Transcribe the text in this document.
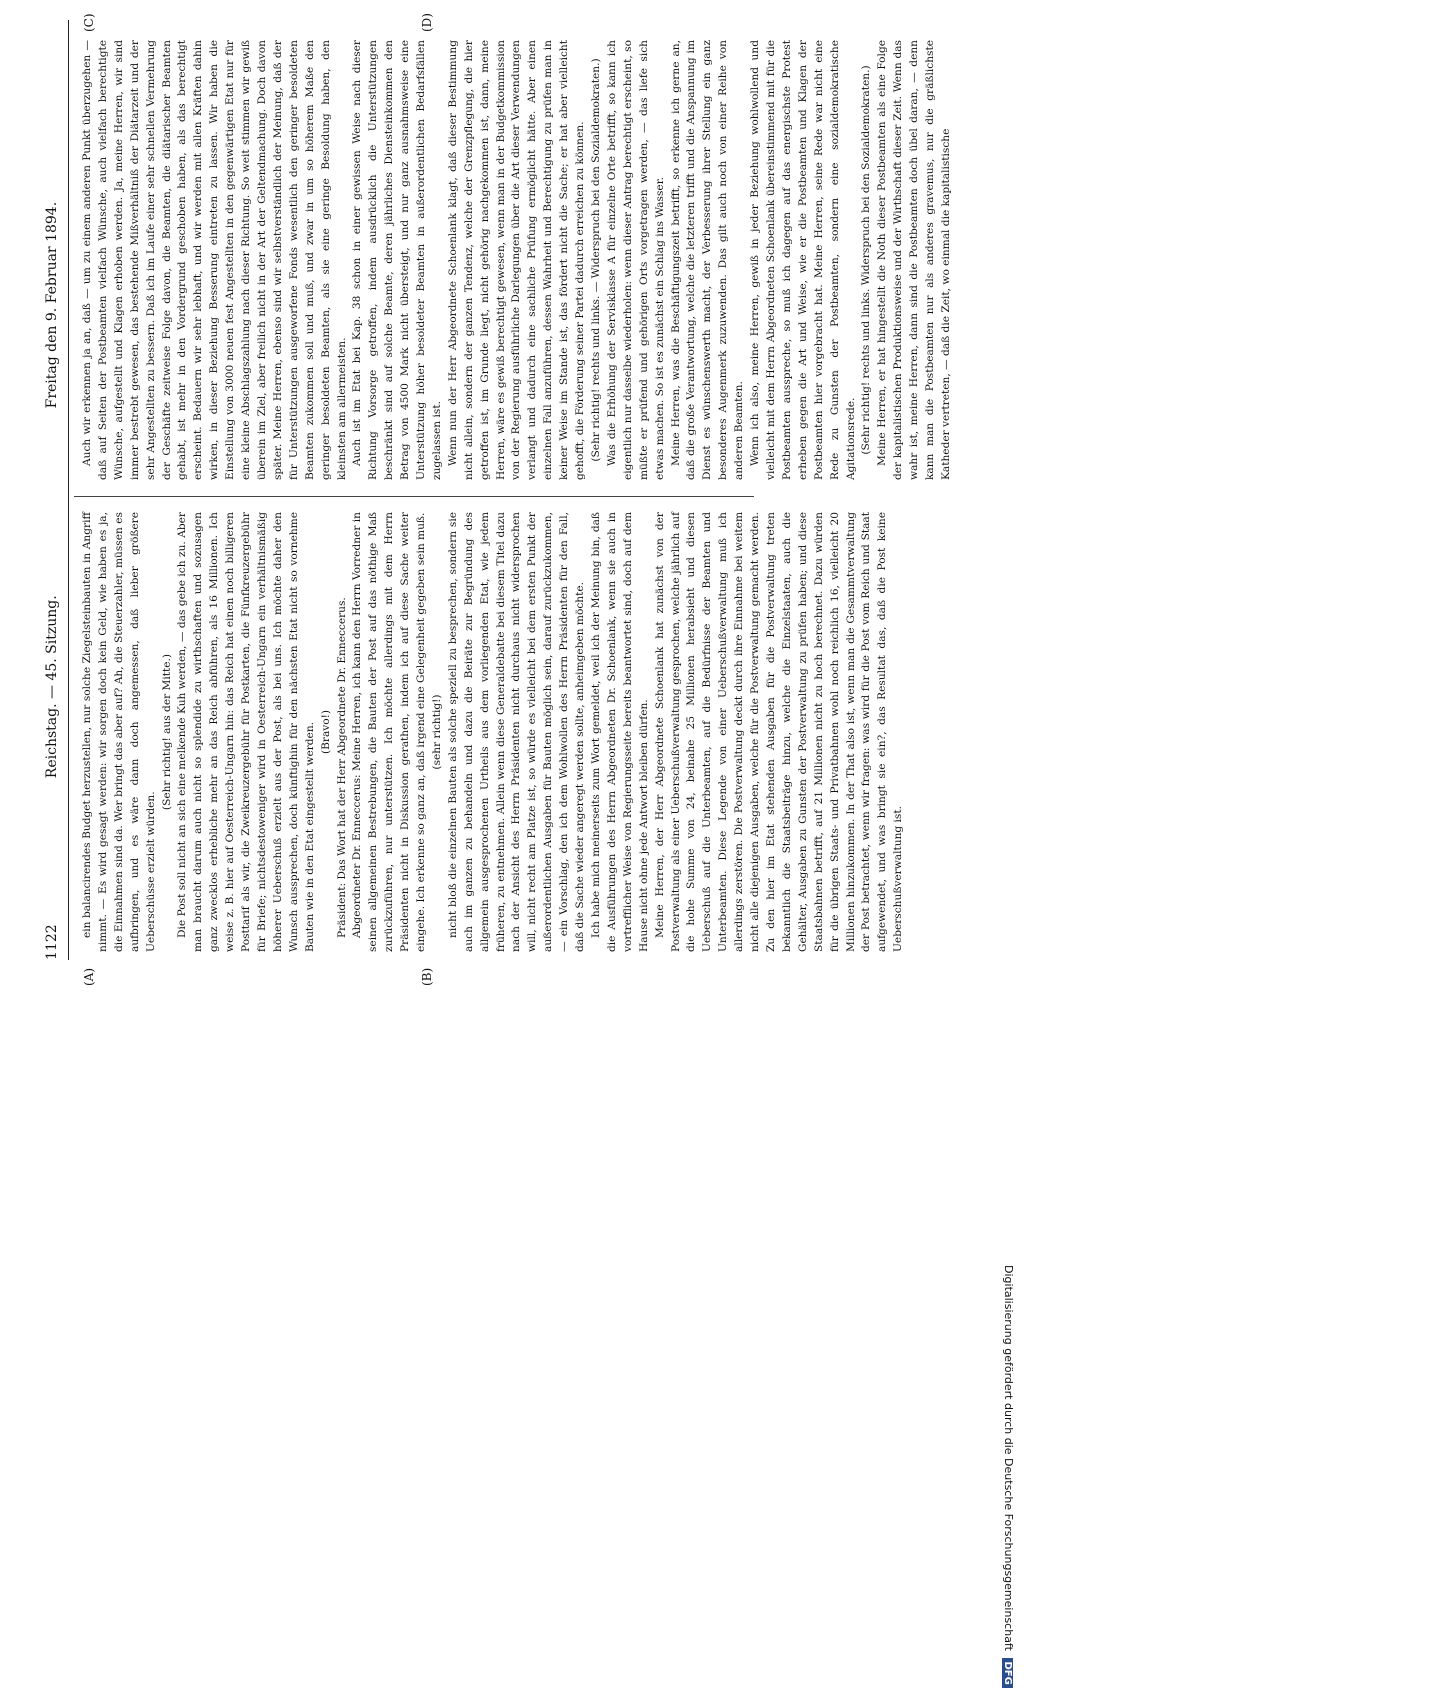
1122
Reichstag. — 45. Sitzung.                                          Freitag den 9. Februar 1894.
(A)	(B)
(C)	(D)

ein balancirendes Budget herzustellen, nur solche Ziegelsteinbauten in Angriff nimmt. — Es wird gesagt werden: wir sorgen doch kein Geld, wie haben es ja, die Einnahmen sind da. Wer bringt das aber auf? Ah, die Steuerzahler, müssen es aufbringen, und es wäre dann doch angemessen, daß lieber größere Ueberschüsse erzielt würden.

(Sehr richtig! aus der Mitte.) Die Post soll nicht an sich eine melkende Kuh werden, — das gebe ich zu. Aber man braucht darum auch nicht so splendide zu wirthschaften und sozusagen ganz zwecklos erhebliche mehr an das Reich abführen, als 16 Millionen. Ich weise z. B. hier auf Oesterreich-Ungarn hin: das Reich hat einen noch billigeren Posttarif als wir, die Zweikreuzergebühr für Postkarten, die Fünfkreuzergebühr für Briefe; nichtsdestoweniger wird in Oesterreich-Ungarn ein verhältnismäßig höherer Ueberschuß erzielt aus der Post, als bei uns. Ich möchte daher den Wunsch aussprechen, doch künftighin für den nächsten Etat nicht so vornehme Bauten wie in den Etat eingestellt werden. (Bravo!) Präsident: Das Wort hat der Herr Abgeordnete Dr. Enneccerus. Abgeordneter Dr. Enneccerus: Meine Herren, ich kann den Herrn Vorredner in seinen allgemeinen Bestrebungen, die Bauten der Post auf das nöthige Maß zurückzuführen, nur unterstützen. Ich möchte allerdings mit dem Herrn Präsidenten nicht in Diskussion gerathen, indem ich auf diese Sache weiter eingehe. Ich erkenne so ganz an, daß irgend eine Gelegenheit gegeben sein muß. (sehr richtig!) nicht bloß die einzelnen Bauten als solche speziell zu besprechen, sondern sie auch im ganzen zu behandeln und dazu die Beiräte zur Begründung des allgemein ausgesprochenen Urtheils aus dem vorliegenden Etat, wie jedem früheren, zu entnehmen. Allein wenn diese Generaldebatte bei diesem Titel dazu nach der Ansicht des Herrn Präsidenten nicht durchaus nicht widersprochen will, nicht recht am Platze ist, so würde es vielleicht bei dem ersten Punkt der außerordentlichen Ausgaben für Bauten möglich sein, darauf zurückzukommen, — ein Vorschlag, den ich dem Wohlwollen des Herrn Präsidenten für den Fall, daß die Sache wieder angeregt werden sollte, anheimgeben möchte. Ich habe mich meinerseits zum Wort gemeldet, weil ich der Meinung bin, daß die Ausführungen des Herrn Abgeordneten Dr. Schoenlank, wenn sie auch in vortrefflicher Weise von Regierungsseite bereits beantwortet sind, doch auf dem Hause nicht ohne jede Antwort bleiben dürfen. Meine Herren, der Herr Abgeordnete Schoenlank hat zunächst von der Postverwaltung als einer Ueberschußverwaltung gesprochen, welche jährlich auf die hohe Summe von 24, beinahe 25 Millionen herabsieht und diesen Ueberschuß auf die Unterbeamten, auf die Bedürfnisse der Beamten und Unterbeamten. Diese Legende von einer Ueberschußverwaltung muß ich allerdings zerstören. Die Postverwaltung deckt durch ihre Einnahme bei weitem nicht alle diejenigen Ausgaben, welche für die Postverwaltung gemacht werden. Zu den hier im Etat stehenden Ausgaben für die Postverwaltung treten bekanntlich die Staatsbeiträge hinzu, welche die Einzelstaaten, auch die Gehälter, Ausgaben zu Gunsten der Postverwaltung zu prüfen haben; und diese Staatsbahnen betrifft, auf 21 Millionen nicht zu hoch berechnet. Dazu würden für die übrigen Staats- und Privatbahnen wohl noch reichlich 16, vielleicht 20 Millionen hinzukommen. In der That also ist, wenn man die Gesammtverwaltung der Post betrachtet, wenn wir fragen: was wird für die Post vom Reich und Staat aufgewendet, und was bringt sie ein?, das Resultat das, daß die Post keine Ueberschußverwaltung ist.

Auch wir erkennen ja an, daß — um zu einem anderen Punkt überzugehen — daß auf Seiten der Postbeamten vielfach Wünsche, auch vielfach berechtigte Wünsche, aufgestellt und Klagen erhoben werden. Ja, meine Herren, wir sind immer bestrebt gewesen, das bestehende Mißverhältniß der Diätarzeit und der sehr Angestellten zu bessern. Daß ich im Laufe einer sehr schnellen Vermehrung der Geschäfte zeitweise Folge davon, die Beamten, die diätarischer Beamten gehabt, ist mehr in den Vordergrund geschoben haben, als das berechtigt erscheint. Bedauern wir sehr lebhaft, und wir werden mit allen Kräften dahin wirken, in dieser Beziehung Besserung eintreten zu lassen. Wir haben die Einstellung von 3000 neuen fest Angestellten in den gegenwärtigen Etat nur für eine kleine Abschlagszahlung nach dieser Richtung. So weit stimmen wir gewiß überein im Ziel, aber freilich nicht in der Art der Geltendmachung. Doch davon später. Meine Herren, ebenso sind wir selbstverständlich der Meinung, daß der für Unterstützungen ausgeworfene Fonds wesentlich den geringer besoldeten Beamten zukommen soll und muß, und zwar in um so höherem Maße den geringer besoldeten Beamten, als sie eine geringe Besoldung haben, den kleinsten am allermeisten. Auch ist im Etat bei Kap. 38 schon in einer gewissen Weise nach dieser Richtung Vorsorge getroffen, indem ausdrücklich die Unterstützungen beschränkt sind auf solche Beamte, deren jährliches Diensteinkommen den Betrag von 4500 Mark nicht übersteigt, und nur ganz ausnahmsweise eine Unterstützung höher besoldeter Beamten in außerordentlichen Bedarfsfällen zugelassen ist. Wenn nun der Herr Abgeordnete Schoenlank klagt, daß dieser Bestimmung nicht allein, sondern der ganzen Tendenz, welche der Grenzpflegung, die hier getroffen ist, im Grunde liegt, nicht gehörig nachgekommen ist, dann, meine Herren, wäre es gewiß berechtigt gewesen, wenn man in der Budgetkommission von der Regierung ausführliche Darlegungen über die Art dieser Verwendungen verlangt und dadurch eine sachliche Prüfung ermöglicht hätte. Aber einen einzelnen Fall anzuführen, dessen Wahrheit und Berechtigung zu prüfen man in keiner Weise im Stande ist, das fördert nicht die Sache; er hat aber vielleicht gehofft, die Förderung seiner Partei dadurch erreichen zu können. (Sehr richtig! rechts und links. — Widerspruch bei den Sozialdemokraten.) Was die Erhöhung der Servisklasse A für einzelne Orte betrifft, so kann ich eigentlich nur dasselbe wiederholen: wenn dieser Antrag berechtigt erscheint, so müßte er prüfend und gehörigen Orts vorgetragen werden, — das liefe sich etwas machen. So ist es zunächst ein Schlag ins Wasser. Meine Herren, was die Beschäftigungszeit betrifft, so erkenne ich gerne an, daß die große Verantwortung, welche die letzteren trifft und die Anspannung im Dienst es wünschenswerth macht, der Verbesserung ihrer Stellung ein ganz besonderes Augenmerk zuzuwenden. Das gilt auch noch von einer Reihe von anderen Beamten. Wenn ich also, meine Herren, gewiß in jeder Beziehung wohlwollend und vielleicht mit dem Herrn Abgeordneten Schoenlank übereinstimmend mit für die Postbeamten ausspreche, so muß ich dagegen auf das energischste Protest erheben gegen die Art und Weise, wie er die Postbeamten und Klagen der Postbeamten hier vorgebracht hat. Meine Herren, seine Rede war nicht eine Rede zu Gunsten der Postbeamten, sondern eine sozialdemokratische Agitationsrede. (Sehr richtig! rechts und links. Widerspruch bei den Sozialdemokraten.) Meine Herren, er hat hingestellt die Noth dieser Postbeamten als eine Folge der kapitalistischen Produktionsweise und der Wirthschaft dieser Zeit. Wenn das wahr ist, meine Herren, dann sind die Postbeamten doch übel daran, — denn kann man die Postbeamten nur als anderes gravemus, nur die gräßlichste Katheder vertreten, — daß die Zeit, wo einmal die kapitalistische

Digitalisierung gefördert durch die Deutsche Forschungsgemeinschaft DFG
